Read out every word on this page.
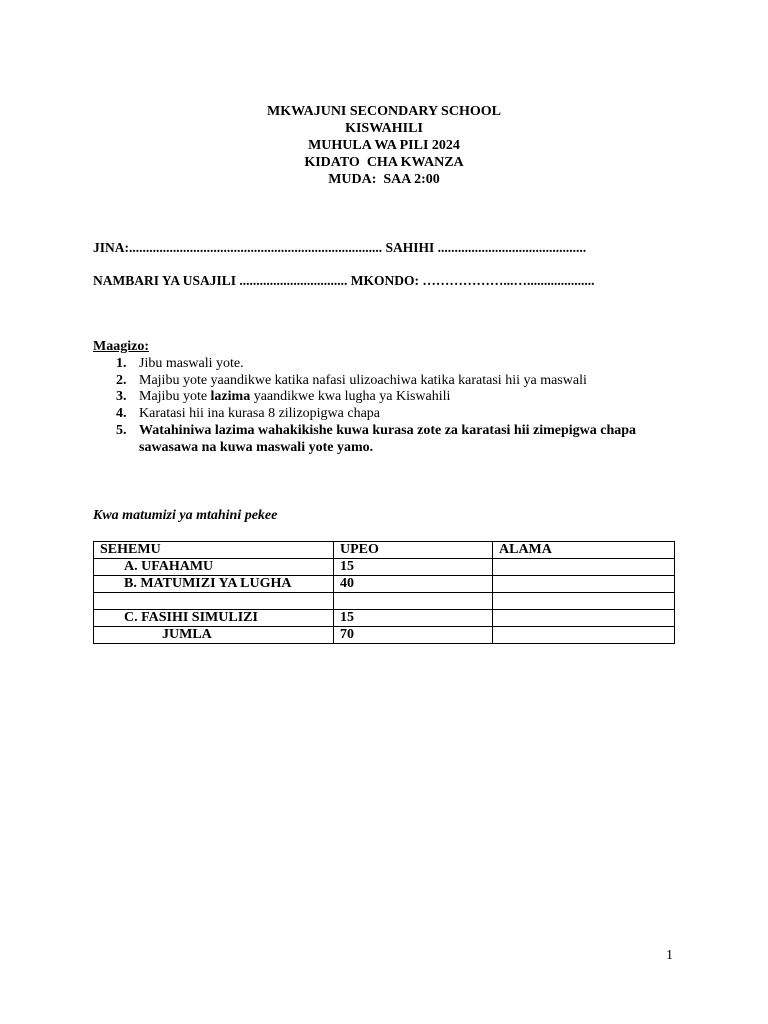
MKWAJUNI SECONDARY SCHOOL
KISWAHILI
MUHULA WA PILI 2024
KIDATO  CHA KWANZA
MUDA:  SAA 2:00
JINA:........................................................................... SAHIHI ............................................
NAMBARI YA USAJILI ................................ MKONDO: ………………...…....................
Maagizo:
1. Jibu maswali yote.
2. Majibu yote yaandikwe katika nafasi ulizoachiwa katika karatasi hii ya maswali
3. Majibu yote lazima yaandikwe kwa lugha ya Kiswahili
4. Karatasi hii ina kurasa 8 zilizopigwa chapa
5. Watahiniwa lazima wahakikishe kuwa kurasa zote za karatasi hii zimepigwa chapa sawasawa na kuwa maswali yote yamo.
Kwa matumizi ya mtahini pekee
SEHEMU	UPEO	ALAMA
A. UFAHAMU	15	
B. MATUMIZI YA LUGHA	40	

C. FASIHI SIMULIZI	15	
JUMLA	70	
1
